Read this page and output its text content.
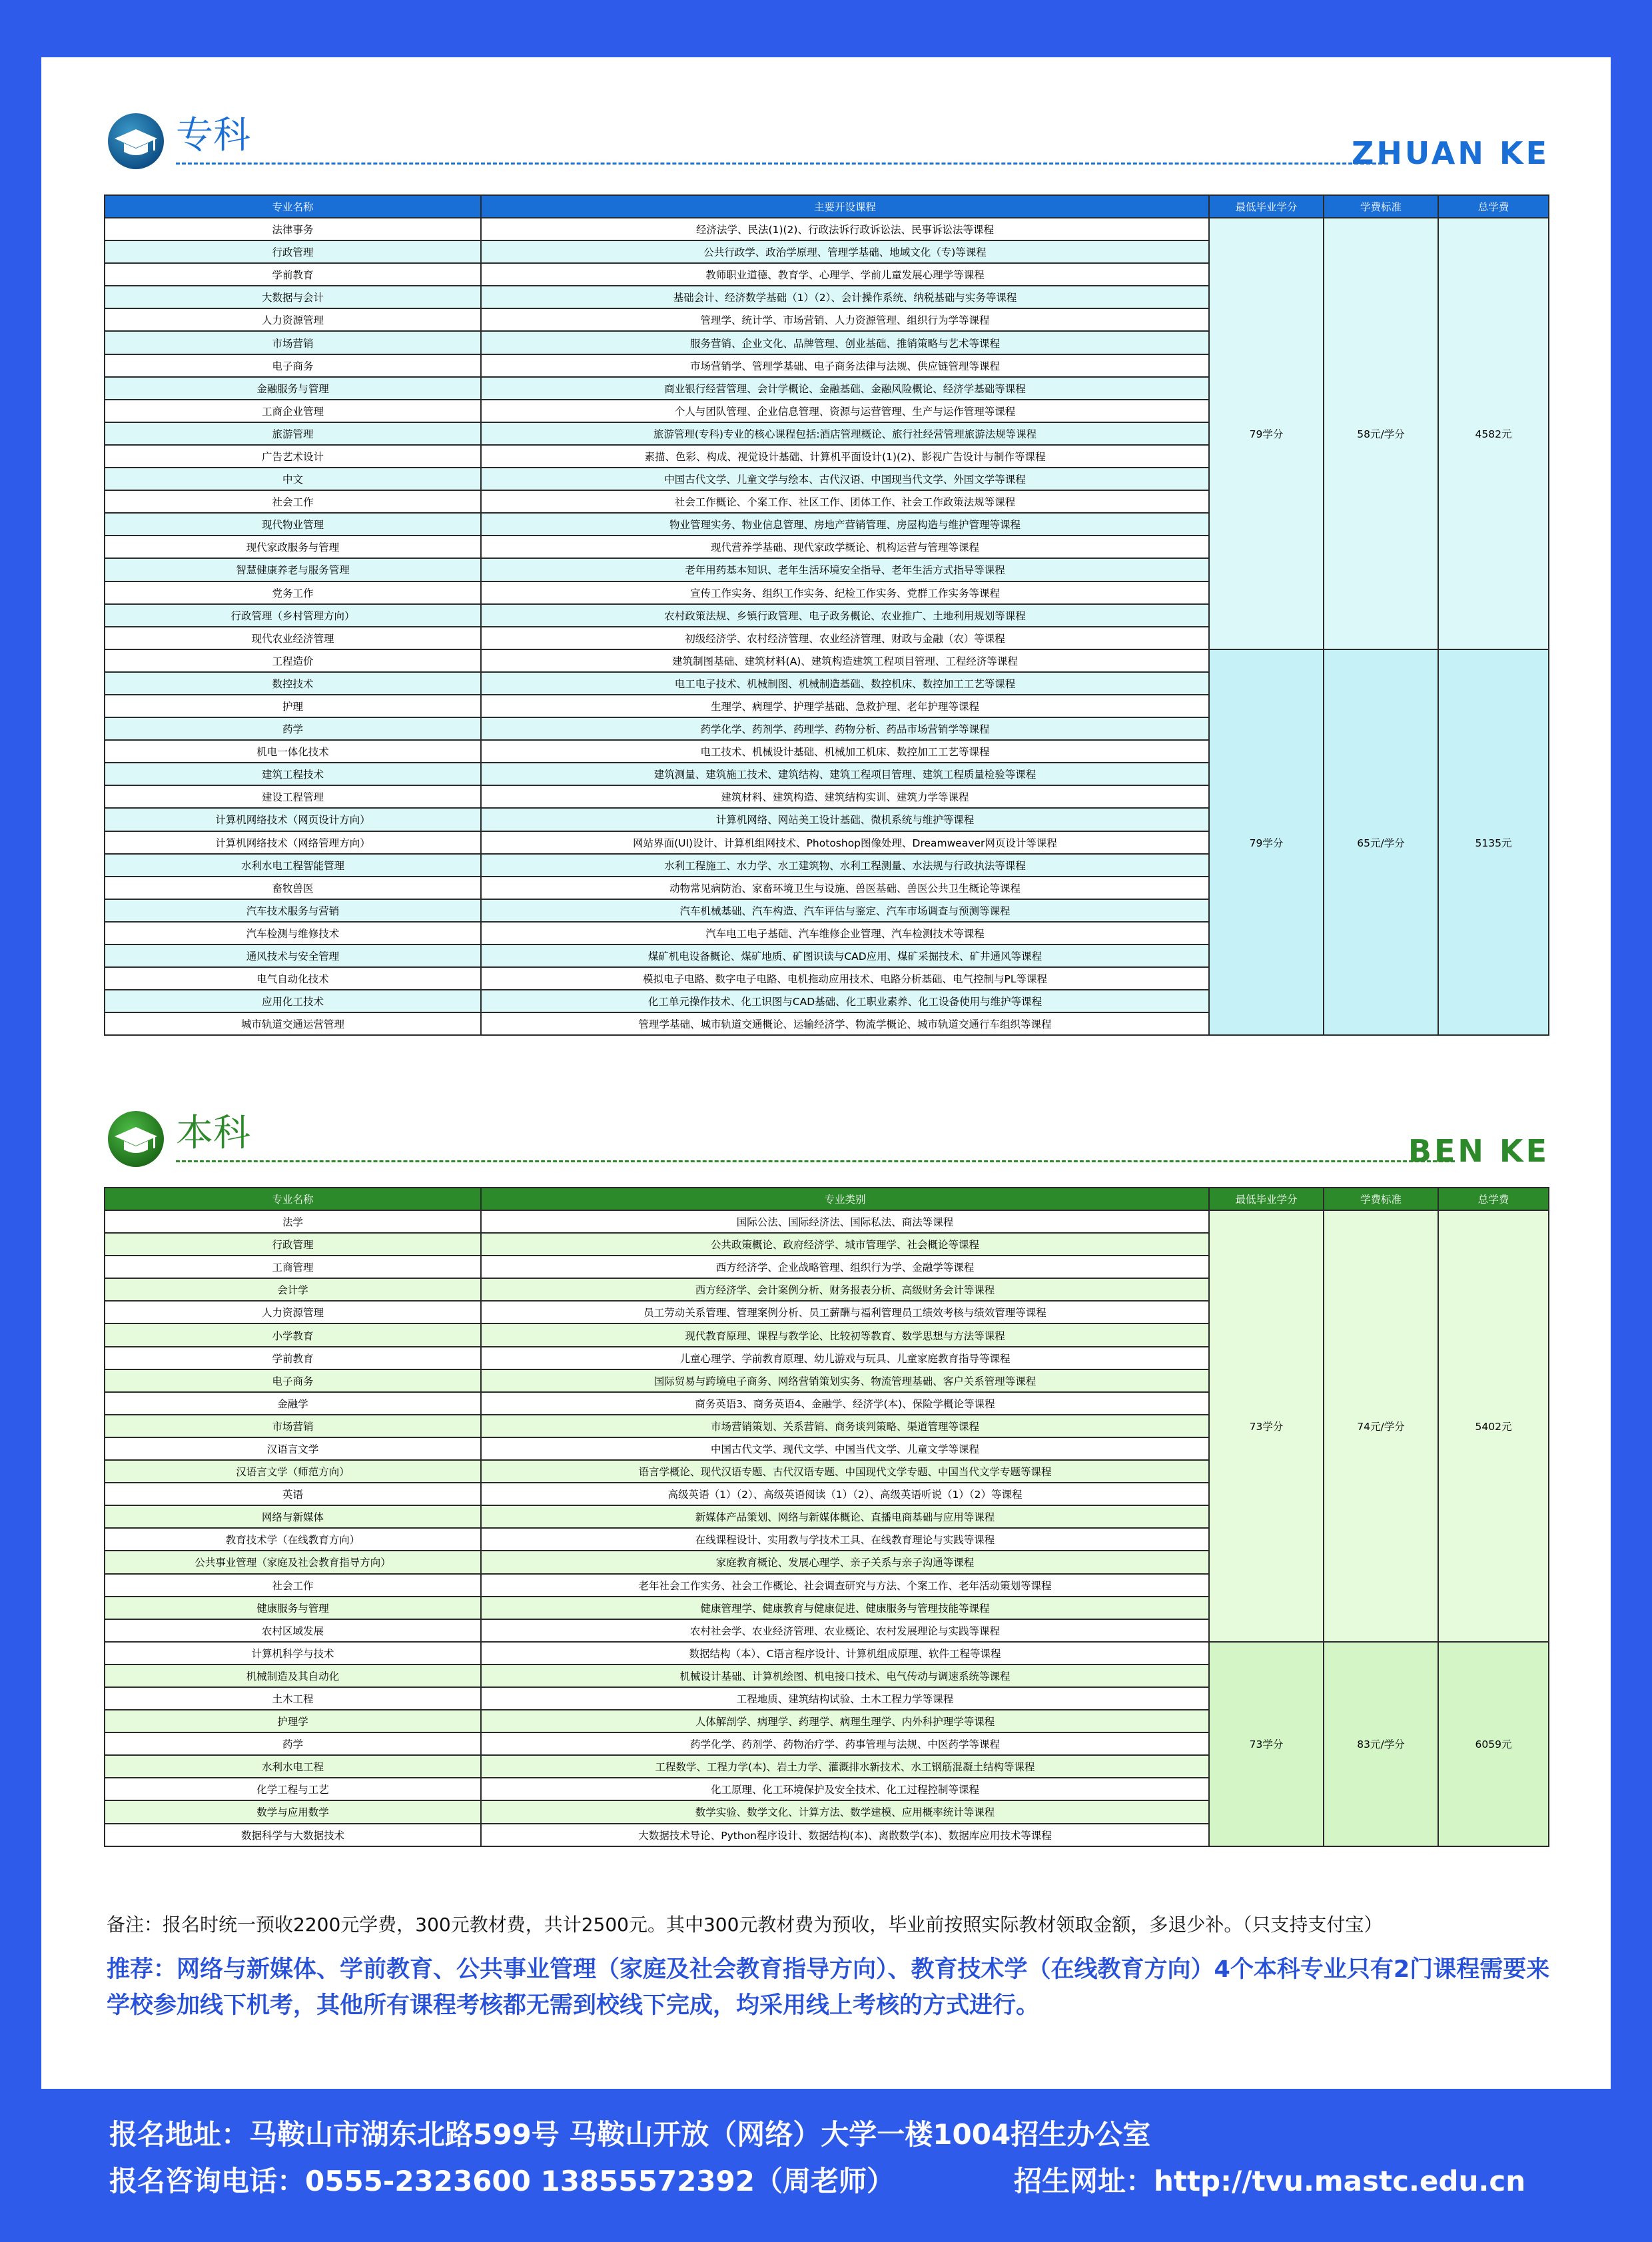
专科	ZHUAN KE
专业名称	主要开设课程	最低毕业学分	学费标准	总学费
法律事务	经济法学、民法(1)(2)、行政法诉行政诉讼法、民事诉讼法等课程	79学分	58元/学分	4582元
行政管理	公共行政学、政治学原理、管理学基础、地域文化（专)等课程			
学前教育	教师职业道德、教育学、心理学、学前儿童发展心理学等课程			
大数据与会计	基础会计、经济数学基础（1）（2）、会计操作系统、纳税基础与实务等课程			
人力资源管理	管理学、统计学、市场营销、人力资源管理、组织行为学等课程			
市场营销	服务营销、企业文化、品牌管理、创业基础、推销策略与艺术等课程			
电子商务	市场营销学、管理学基础、电子商务法律与法规、供应链管理等课程			
金融服务与管理	商业银行经营管理、会计学概论、金融基础、金融风险概论、经济学基础等课程			
工商企业管理	个人与团队管理、企业信息管理、资源与运营管理、生产与运作管理等课程			
旅游管理	旅游管理(专科)专业的核心课程包括:酒店管理概论、旅行社经营管理旅游法规等课程			
广告艺术设计	素描、色彩、构成、视觉设计基础、计算机平面设计(1)(2)、影视广告设计与制作等课程			
中文	中国古代文学、儿童文学与绘本、古代汉语、中国现当代文学、外国文学等课程			
社会工作	社会工作概论、个案工作、社区工作、团体工作、社会工作政策法规等课程			
现代物业管理	物业管理实务、物业信息管理、房地产营销管理、房屋构造与维护管理等课程			
现代家政服务与管理	现代营养学基础、现代家政学概论、机构运营与管理等课程			
智慧健康养老与服务管理	老年用药基本知识、老年生活环境安全指导、老年生活方式指导等课程			
党务工作	宣传工作实务、组织工作实务、纪检工作实务、党群工作实务等课程			
行政管理（乡村管理方向）	农村政策法规、乡镇行政管理、电子政务概论、农业推广、土地利用规划等课程			
现代农业经济管理	初级经济学、农村经济管理、农业经济管理、财政与金融（农）等课程			
工程造价	建筑制图基础、建筑材料(A)、建筑构造建筑工程项目管理、工程经济等课程	79学分	65元/学分	5135元
数控技术	电工电子技术、机械制图、机械制造基础、数控机床、数控加工工艺等课程			
护理	生理学、病理学、护理学基础、急救护理、老年护理等课程			
药学	药学化学、药剂学、药理学、药物分析、药品市场营销学等课程			
机电一体化技术	电工技术、机械设计基础、机械加工机床、数控加工工艺等课程			
建筑工程技术	建筑测量、建筑施工技术、建筑结构、建筑工程项目管理、建筑工程质量检验等课程			
建设工程管理	建筑材料、建筑构造、建筑结构实训、建筑力学等课程			
计算机网络技术（网页设计方向）	计算机网络、网站美工设计基础、微机系统与维护等课程			
计算机网络技术（网络管理方向）	网站界面(UI)设计、计算机组网技术、Photoshop图像处理、Dreamweaver网页设计等课程			
水利水电工程智能管理	水利工程施工、水力学、水工建筑物、水利工程测量、水法规与行政执法等课程			
畜牧兽医	动物常见病防治、家畜环境卫生与设施、兽医基础、兽医公共卫生概论等课程			
汽车技术服务与营销	汽车机械基础、汽车构造、汽车评估与鉴定、汽车市场调查与预测等课程			
汽车检测与维修技术	汽车电工电子基础、汽车维修企业管理、汽车检测技术等课程			
通风技术与安全管理	煤矿机电设备概论、煤矿地质、矿图识读与CAD应用、煤矿采掘技术、矿井通风等课程			
电气自动化技术	模拟电子电路、数字电子电路、电机拖动应用技术、电路分析基础、电气控制与PL等课程			
应用化工技术	化工单元操作技术、化工识图与CAD基础、化工职业素养、化工设备使用与维护等课程			
城市轨道交通运营管理	管理学基础、城市轨道交通概论、运输经济学、物流学概论、城市轨道交通行车组织等课程			
本科	BEN KE
专业名称	专业类别	最低毕业学分	学费标准	总学费
法学	国际公法、国际经济法、国际私法、商法等课程	73学分	74元/学分	5402元
行政管理	公共政策概论、政府经济学、城市管理学、社会概论等课程			
工商管理	西方经济学、企业战略管理、组织行为学、金融学等课程			
会计学	西方经济学、会计案例分析、财务报表分析、高级财务会计等课程			
人力资源管理	员工劳动关系管理、管理案例分析、员工薪酬与福利管理员工绩效考核与绩效管理等课程			
小学教育	现代教育原理、课程与教学论、比较初等教育、数学思想与方法等课程			
学前教育	儿童心理学、学前教育原理、幼儿游戏与玩具、儿童家庭教育指导等课程			
电子商务	国际贸易与跨境电子商务、网络营销策划实务、物流管理基础、客户关系管理等课程			
金融学	商务英语3、商务英语4、金融学、经济学(本)、保险学概论等课程			
市场营销	市场营销策划、关系营销、商务谈判策略、渠道管理等课程			
汉语言文学	中国古代文学、现代文学、中国当代文学、儿童文学等课程			
汉语言文学（师范方向）	语言学概论、现代汉语专题、古代汉语专题、中国现代文学专题、中国当代文学专题等课程			
英语	高级英语（1）（2）、高级英语阅读（1）（2）、高级英语听说（1）（2）等课程			
网络与新媒体	新媒体产品策划、网络与新媒体概论、直播电商基础与应用等课程			
教育技术学（在线教育方向）	在线课程设计、实用教与学技术工具、在线教育理论与实践等课程			
公共事业管理（家庭及社会教育指导方向）	家庭教育概论、发展心理学、亲子关系与亲子沟通等课程			
社会工作	老年社会工作实务、社会工作概论、社会调查研究与方法、个案工作、老年活动策划等课程			
健康服务与管理	健康管理学、健康教育与健康促进、健康服务与管理技能等课程			
农村区域发展	农村社会学、农业经济管理、农业概论、农村发展理论与实践等课程			
计算机科学与技术	数据结构（本）、C语言程序设计、计算机组成原理、软件工程等课程	73学分	83元/学分	6059元
机械制造及其自动化	机械设计基础、计算机绘图、机电接口技术、电气传动与调速系统等课程			
土木工程	工程地质、建筑结构试验、土木工程力学等课程			
护理学	人体解剖学、病理学、药理学、病理生理学、内外科护理学等课程			
药学	药学化学、药剂学、药物治疗学、药事管理与法规、中医药学等课程			
水利水电工程	工程数学、工程力学(本)、岩土力学、灌溉排水新技术、水工钢筋混凝土结构等课程			
化学工程与工艺	化工原理、化工环境保护及安全技术、化工过程控制等课程			
数学与应用数学	数学实验、数学文化、计算方法、数学建模、应用概率统计等课程			
数据科学与大数据技术	大数据技术导论、Python程序设计、数据结构(本)、离散数学(本)、数据库应用技术等课程			
备注：报名时统一预收2200元学费，300元教材费，共计2500元。其中300元教材费为预收，毕业前按照实际教材领取金额，多退少补。（只支持支付宝）
推荐：网络与新媒体、学前教育、公共事业管理（家庭及社会教育指导方向）、教育技术学（在线教育方向）4个本科专业只有2门课程需要来学校参加线下机考，其他所有课程考核都无需到校线下完成，均采用线上考核的方式进行。
报名地址：马鞍山市湖东北路599号 马鞍山开放（网络）大学一楼1004招生办公室
报名咨询电话：0555-2323600 13855572392（周老师）	招生网址：http://tvu.mastc.edu.cn
